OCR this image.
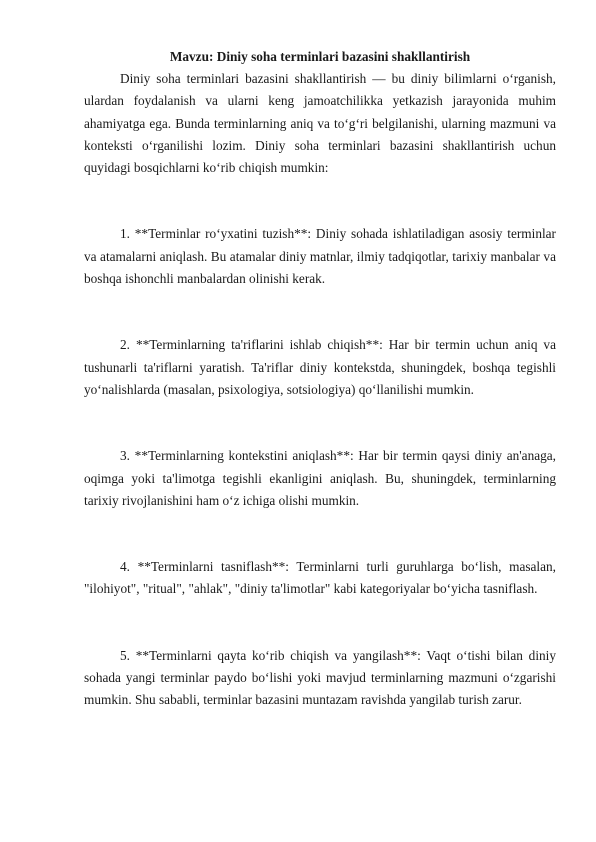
Mavzu: Diniy soha terminlari bazasini shakllantirish

Diniy soha terminlari bazasini shakllantirish — bu diniy bilimlarni o‘rganish, ulardan foydalanish va ularni keng jamoatchilikka yetkazish jarayonida muhim ahamiyatga ega. Bunda terminlarning aniq va to‘g‘ri belgilanishi, ularning mazmuni va konteksti o‘rganilishi lozim. Diniy soha terminlari bazasini shakllantirish uchun quyidagi bosqichlarni ko‘rib chiqish mumkin:

1. **Terminlar ro‘yxatini tuzish**: Diniy sohada ishlatiladigan asosiy terminlar va atamalarni aniqlash. Bu atamalar diniy matnlar, ilmiy tadqiqotlar, tarixiy manbalar va boshqa ishonchli manbalardan olinishi kerak.

2. **Terminlarning ta'riflarini ishlab chiqish**: Har bir termin uchun aniq va tushunarli ta'riflarni yaratish. Ta'riflar diniy kontekstda, shuningdek, boshqa tegishli yo‘nalishlarda (masalan, psixologiya, sotsiologiya) qo‘llanilishi mumkin.

3. **Terminlarning kontekstini aniqlash**: Har bir termin qaysi diniy an'anaga, oqimga yoki ta'limotga tegishli ekanligini aniqlash. Bu, shuningdek, terminlarning tarixiy rivojlanishini ham o‘z ichiga olishi mumkin.

4. **Terminlarni tasniflash**: Terminlarni turli guruhlarga bo‘lish, masalan, "ilohiyot", "ritual", "ahlak", "diniy ta'limotlar" kabi kategoriyalar bo‘yicha tasniflash.

5. **Terminlarni qayta ko‘rib chiqish va yangilash**: Vaqt o‘tishi bilan diniy sohada yangi terminlar paydo bo‘lishi yoki mavjud terminlarning mazmuni o‘zgarishi mumkin. Shu sababli, terminlar bazasini muntazam ravishda yangilab turish zarur.
